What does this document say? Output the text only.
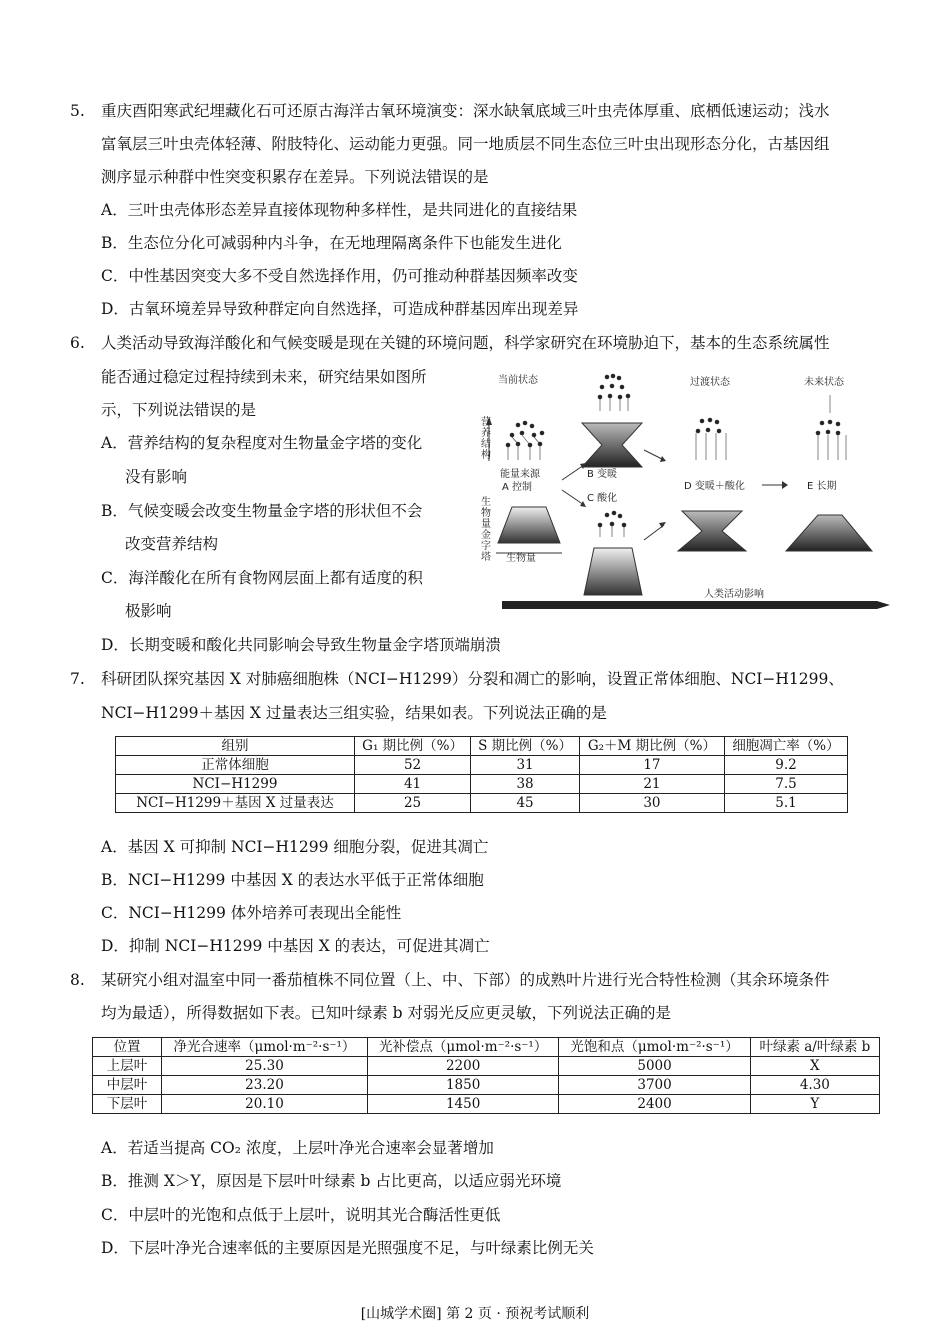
5. 重庆酉阳寒武纪埋藏化石可还原古海洋古氧环境演变：深水缺氧底域三叶虫壳体厚重、底栖低速运动；浅水
富氧层三叶虫壳体轻薄、附肢特化、运动能力更强。同一地质层不同生态位三叶虫出现形态分化，古基因组
测序显示种群中性突变积累存在差异。下列说法错误的是
A．三叶虫壳体形态差异直接体现物种多样性，是共同进化的直接结果
B．生态位分化可减弱种内斗争，在无地理隔离条件下也能发生进化
C．中性基因突变大多不受自然选择作用，仍可推动种群基因频率改变
D．古氧环境差异导致种群定向自然选择，可造成种群基因库出现差异
6. 人类活动导致海洋酸化和气候变暖是现在关键的环境问题，科学家研究在环境胁迫下，基本的生态系统属性
能否通过稳定过程持续到未来，研究结果如图所
示，下列说法错误的是
A．营养结构的复杂程度对生物量金字塔的变化
没有影响
B．气候变暖会改变生物量金字塔的形状但不会
改变营养结构
C．海洋酸化在所有食物网层面上都有适度的积
极影响
D．长期变暖和酸化共同影响会导致生物量金字塔顶端崩溃
当前状态	过渡状态	未来状态
营
养
结
构
生
物
量
金
字
塔
能量来源
A 控制
生物量
B 变暖
C 酸化
D 变暖＋酸化	E 长期
人类活动影响
7. 科研团队探究基因 X 对肺癌细胞株（NCI−H1299）分裂和凋亡的影响，设置正常体细胞、NCI−H1299、
NCI−H1299＋基因 X 过量表达三组实验，结果如表。下列说法正确的是
组别	G₁ 期比例（%）	S 期比例（%）	G₂＋M 期比例（%）	细胞凋亡率（%）
正常体细胞	52	31	17	9.2
NCI−H1299	41	38	21	7.5
NCI−H1299＋基因 X 过量表达	25	45	30	5.1
A．基因 X 可抑制 NCI−H1299 细胞分裂，促进其凋亡
B．NCI−H1299 中基因 X 的表达水平低于正常体细胞
C．NCI−H1299 体外培养可表现出全能性
D．抑制 NCI−H1299 中基因 X 的表达，可促进其凋亡
8. 某研究小组对温室中同一番茄植株不同位置（上、中、下部）的成熟叶片进行光合特性检测（其余环境条件
均为最适），所得数据如下表。已知叶绿素 b 对弱光反应更灵敏，下列说法正确的是
位置	净光合速率（μmol·m⁻²·s⁻¹）	光补偿点（μmol·m⁻²·s⁻¹）	光饱和点（μmol·m⁻²·s⁻¹）	叶绿素 a/叶绿素 b
上层叶	25.30	2200	5000	X
中层叶	23.20	1850	3700	4.30
下层叶	20.10	1450	2400	Y
A．若适当提高 CO₂ 浓度，上层叶净光合速率会显著增加
B．推测 X＞Y，原因是下层叶叶绿素 b 占比更高，以适应弱光环境
C．中层叶的光饱和点低于上层叶，说明其光合酶活性更低
D．下层叶净光合速率低的主要原因是光照强度不足，与叶绿素比例无关
[山城学术圈] 第 2 页 · 预祝考试顺利
